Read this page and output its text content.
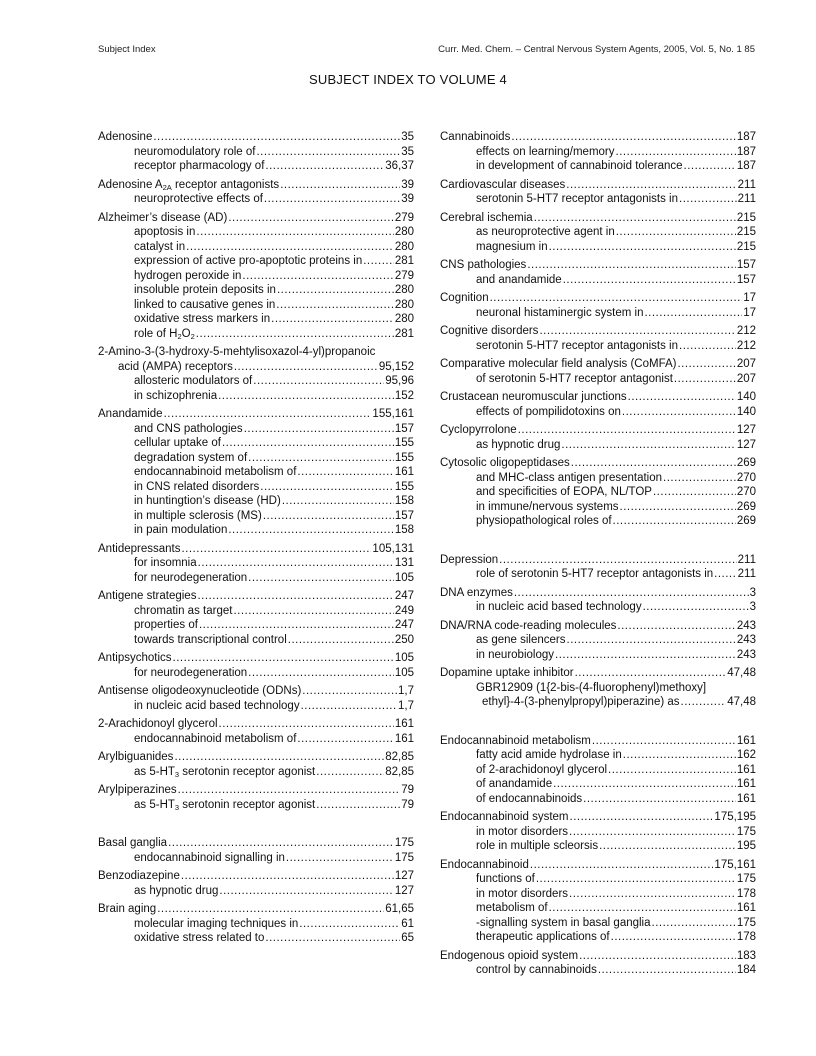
Subject Index	Curr. Med. Chem. – Central Nervous System Agents, 2005, Vol. 5, No. 1 85
SUBJECT INDEX TO VOLUME 4
Adenosine .....	35
neuromodulatory role of .....	35
receptor pharmacology of .....	36,37
Adenosine $A_{2A}$ receptor antagonists .....	39
neuroprotective effects of .....	39
Alzheimer’s disease (AD) .....	279
apoptosis in .....	280
catalyst in .....	280
expression of active pro-apoptotic proteins in .....	281
hydrogen peroxide in .....	279
insoluble protein deposits in .....	280
linked to causative genes in .....	280
oxidative stress markers in .....	280
role of $H_2O_2$ .....	281
2-Amino-3-(3-hydroxy-5-mehtylisoxazol-4-yl)propanoic
acid (AMPA) receptors .....	95,152
allosteric modulators of .....	95,96
in schizophrenia .....	152
Anandamide .....	155,161
and CNS pathologies .....	157
cellular uptake of .....	155
degradation system of .....	155
endocannabinoid metabolism of .....	161
in CNS related disorders .....	155
in huntingtion’s disease (HD) .....	158
in multiple sclerosis (MS) .....	157
in pain modulation .....	158
Antidepressants .....	105,131
for insomnia .....	131
for neurodegeneration .....	105
Antigene strategies .....	247
chromatin as target .....	249
properties of .....	247
towards transcriptional control .....	250
Antipsychotics .....	105
for neurodegeneration .....	105
Antisense oligodeoxynucleotide (ODNs) .....	1,7
in nucleic acid based technology .....	1,7
2-Arachidonoyl glycerol .....	161
endocannabinoid metabolism of .....	161
Arylbiguanides .....	82,85
as $5-HT_3$ serotonin receptor agonist .....	82,85
Arylpiperazines .....	79
as $5-HT_3$ serotonin receptor agonist .....	79
Basal ganglia .....	175
endocannabinoid signalling in .....	175
Benzodiazepine .....	127
as hypnotic drug .....	127
Brain aging .....	61,65
molecular imaging techniques in .....	61
oxidative stress related to .....	65
Cannabinoids .....	187
effects on learning/memory .....	187
in development of cannabinoid tolerance .....	187
Cardiovascular diseases .....	211
serotonin 5-HT7 receptor antagonists in .....	211
Cerebral ischemia .....	215
as neuroprotective agent in .....	215
magnesium in .....	215
CNS pathologies .....	157
and anandamide .....	157
Cognition .....	17
neuronal histaminergic system in .....	17
Cognitive disorders .....	212
serotonin 5-HT7 receptor antagonists in .....	212
Comparative molecular field analysis (CoMFA) .....	207
of serotonin 5-HT7 receptor antagonist .....	207
Crustacean neuromuscular junctions .....	140
effects of pompilidotoxins on .....	140
Cyclopyrrolone .....	127
as hypnotic drug .....	127
Cytosolic oligopeptidases .....	269
and MHC-class antigen presentation .....	270
and specificities of EOPA, NL/TOP .....	270
in immune/nervous systems .....	269
physiopathological roles of .....	269
Depression .....	211
role of serotonin 5-HT7 receptor antagonists in ..... 211
DNA enzymes .....	3
in nucleic acid based technology .....	3
DNA/RNA code-reading molecules .....	243
as gene silencers .....	243
in neurobiology .....	243
Dopamine uptake inhibitor .....	47,48
GBR12909 (1{2-bis-(4-fluorophenyl)methoxy]
ethyl}-4-(3-phenylpropyl)piperazine) as .....	47,48
Endocannabinoid metabolism .....	161
fatty acid amide hydrolase in .....	162
of 2-arachidonoyl glycerol .....	161
of anandamide .....	161
of endocannabinoids .....	161
Endocannabinoid system .....	175,195
in motor disorders .....	175
role in multiple scleorsis .....	195
Endocannabinoid .....	175,161
functions of .....	175
in motor disorders .....	178
metabolism of .....	161
-signalling system in basal ganglia .....	175
therapeutic applications of .....	178
Endogenous opioid system .....	183
control by cannabinoids .....	184
